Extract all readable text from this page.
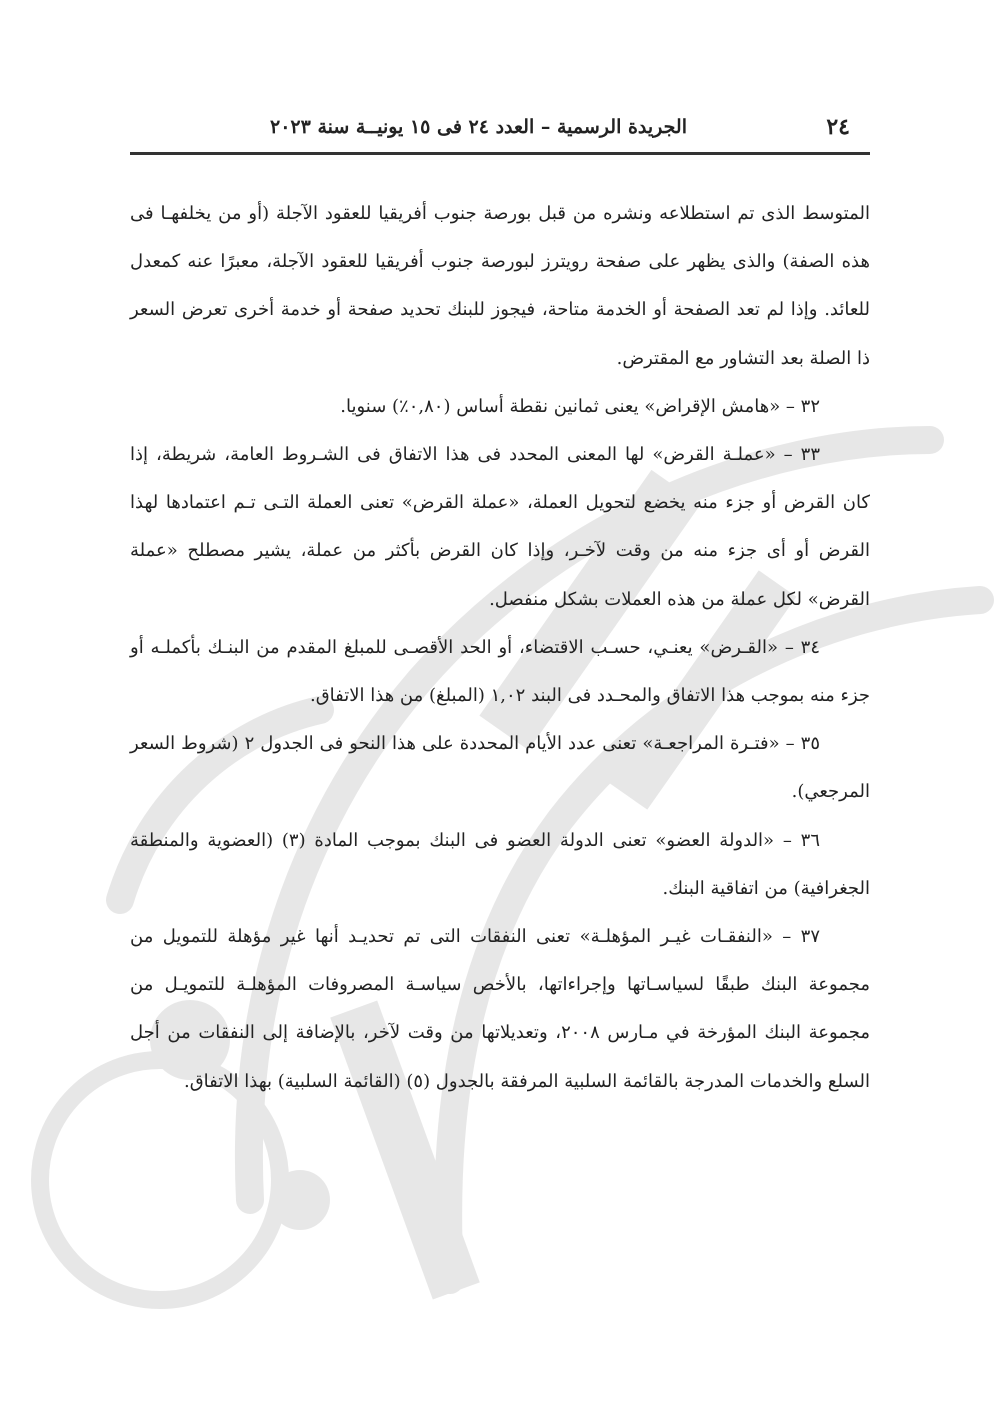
٢٤
الجريدة الرسمية – العدد ٢٤ فى ١٥ يونيــة سنة ٢٠٢٣

المتوسط الذى تم استطلاعه ونشره من قبل بورصة جنوب أفريقيا للعقود الآجلة (أو من يخلفهـا فى هذه الصفة) والذى يظهر على صفحة رويترز لبورصة جنوب أفريقيا للعقود الآجلة، معبرًا عنه كمعدل للعائد. وإذا لم تعد الصفحة أو الخدمة متاحة، فيجوز للبنك تحديد صفحة أو خدمة أخرى تعرض السعر ذا الصلة بعد التشاور مع المقترض.

٣٢ – «هامش الإقراض» يعنى ثمانين نقطة أساس (٠,٨٠٪) سنويا.

٣٣ – «عملـة القرض» لها المعنى المحدد فى هذا الاتفاق فى الشـروط العامة، شريطة، إذا كان القرض أو جزء منه يخضع لتحويل العملة، «عملة القرض» تعنى العملة التـى تـم اعتمادها لهذا القرض أو أى جزء منه من وقت لآخـر، وإذا كان القرض بأكثر من عملة، يشير مصطلح «عملة القرض» لكل عملة من هذه العملات بشكل منفصل.

٣٤ – «القـرض» يعنـي، حسـب الاقتضاء، أو الحد الأقصـى للمبلغ المقدم من البنـك بأكملـه أو جزء منه بموجب هذا الاتفاق والمحـدد فى البند ١,٠٢ (المبلغ) من هذا الاتفاق.

٣٥ – «فتـرة المراجعـة» تعنى عدد الأيام المحددة على هذا النحو فى الجدول ٢ (شروط السعر المرجعي).

٣٦ – «الدولة العضو» تعنى الدولة العضو فى البنك بموجب المادة (٣) (العضوية والمنطقة الجغرافية) من اتفاقية البنك.

٣٧ – «النفقـات غيـر المؤهلـة» تعنى النفقات التى تم تحديـد أنها غير مؤهلة للتمويل من مجموعة البنك طبقًا لسياسـاتها وإجراءاتها، بالأخص سياسـة المصروفات المؤهلـة للتمويـل من مجموعة البنك المؤرخة في مـارس ٢٠٠٨، وتعديلاتها من وقت لآخر، بالإضافة إلى النفقات من أجل السلع والخدمات المدرجة بالقائمة السلبية المرفقة بالجدول (٥) (القائمة السلبية) بهذا الاتفاق.
